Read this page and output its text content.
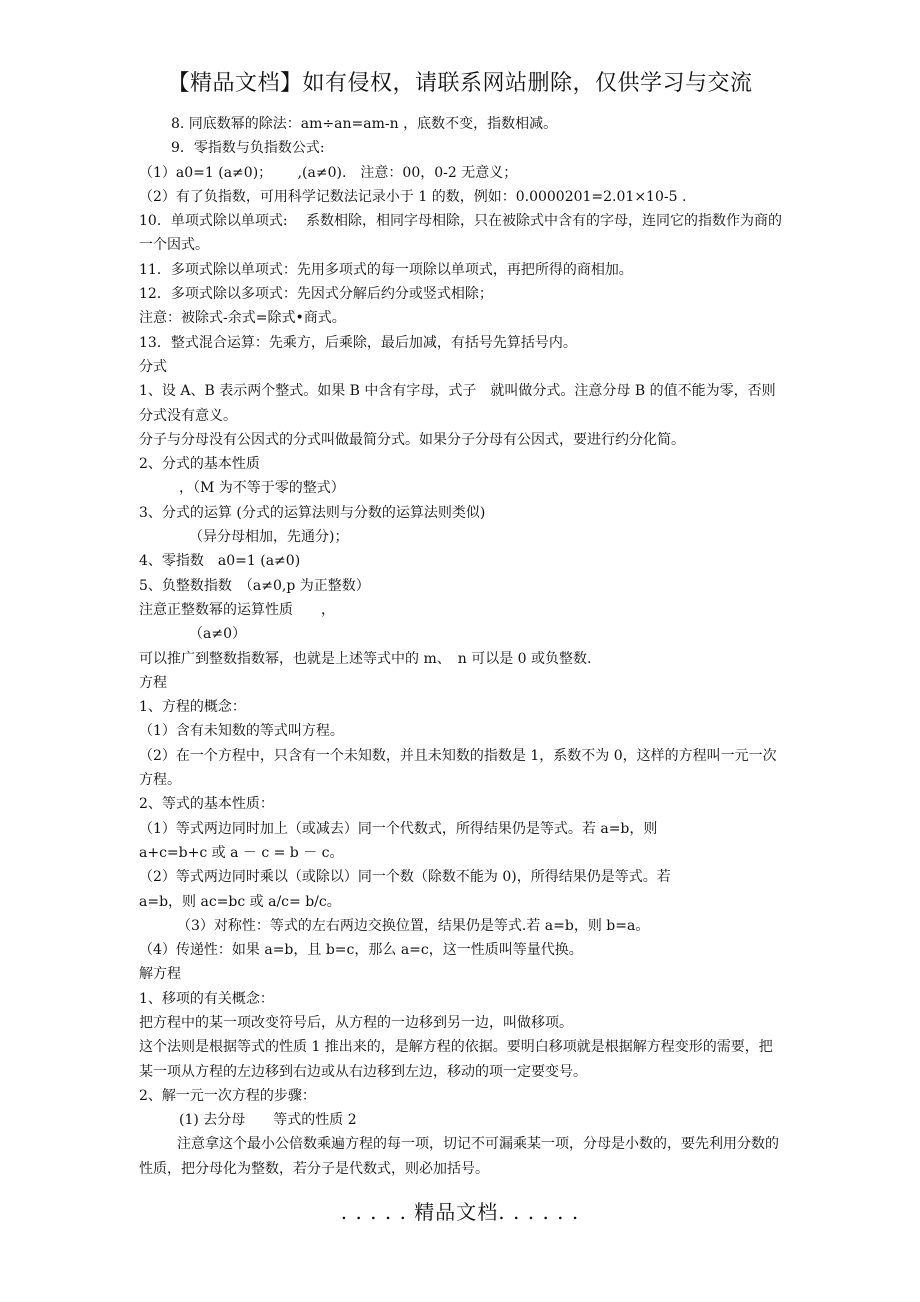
【精品文档】如有侵权，请联系网站删除，仅供学习与交流

8. 同底数幂的除法：am÷an=am-n ，底数不变，指数相减。

9．零指数与负指数公式:

（1）a0=1 (a≠0)；　　 ,(a≠0).　注意：00，0-2 无意义；

（2）有了负指数，可用科学记数法记录小于 1 的数，例如：0.0000201=2.01×10-5 .

10．单项式除以单项式:　 系数相除，相同字母相除，只在被除式中含有的字母，连同它的指数作为商的一个因式。

11．多项式除以单项式：先用多项式的每一项除以单项式，再把所得的商相加。

12．多项式除以多项式：先因式分解后约分或竖式相除；

注意：被除式-余式=除式•商式。

13．整式混合运算：先乘方，后乘除，最后加减，有括号先算括号内。

分式

1、设 A、B 表示两个整式。如果 B 中含有字母，式子　就叫做分式。注意分母 B 的值不能为零，否则分式没有意义。

分子与分母没有公因式的分式叫做最简分式。如果分子分母有公因式，要进行约分化简。

2、分式的基本性质

，（M 为不等于零的整式）

3、分式的运算 (分式的运算法则与分数的运算法则类似)

（异分母相加，先通分)；

4、零指数　a0=1 (a≠0)

5、负整数指数　（a≠0,p 为正整数）

注意正整数幂的运算性质　　，

（a≠0）

可以推广到整数指数幂，也就是上述等式中的 m、　n 可以是 0 或负整数.

方程

1、方程的概念：

（1）含有未知数的等式叫方程。

（2）在一个方程中，只含有一个未知数，并且未知数的指数是 1，系数不为 0，这样的方程叫一元一次方程。

2、等式的基本性质：

（1）等式两边同时加上（或减去）同一个代数式，所得结果仍是等式。若 a=b，则

a+c=b+c 或 a － c = b － c。

（2）等式两边同时乘以（或除以）同一个数（除数不能为 0)，所得结果仍是等式。若

a=b，则 ac=bc 或 a/c= b/c。

（3）对称性：等式的左右两边交换位置，结果仍是等式.若 a=b，则 b=a。

（4）传递性：如果 a=b，且 b=c，那么 a=c，这一性质叫等量代换。

解方程

1、移项的有关概念：

把方程中的某一项改变符号后，从方程的一边移到另一边，叫做移项。

这个法则是根据等式的性质 1 推出来的，是解方程的依据。要明白移项就是根据解方程变形的需要，把某一项从方程的左边移到右边或从右边移到左边，移动的项一定要变号。

2、解一元一次方程的步骤：

(1) 去分母　　等式的性质 2

注意拿这个最小公倍数乘遍方程的每一项，切记不可漏乘某一项，分母是小数的，要先利用分数的性质，把分母化为整数，若分子是代数式，则必加括号。

. . . . . 精品文档. . . . . .
